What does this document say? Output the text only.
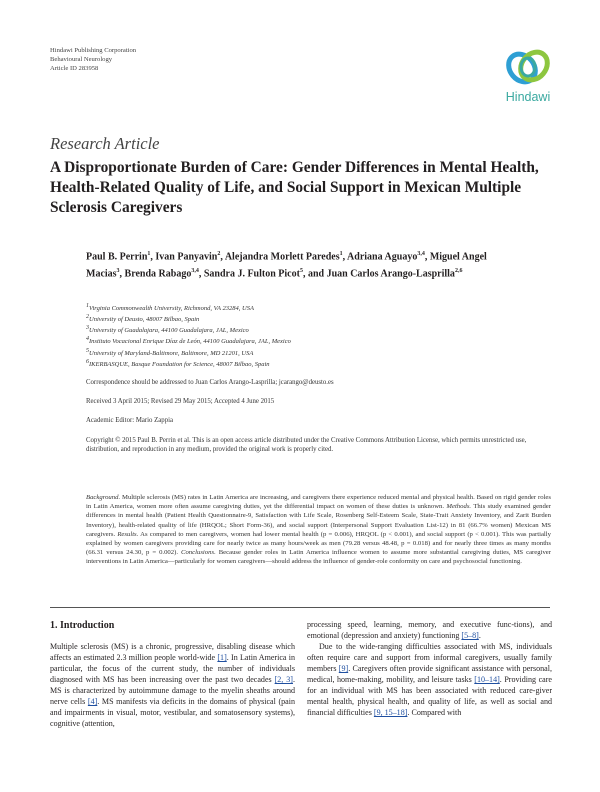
Hindawi Publishing Corporation
Behavioural Neurology
Article ID 283958
Hindawi
Research Article
A Disproportionate Burden of Care: Gender Differences in Mental Health, Health-Related Quality of Life, and Social Support in Mexican Multiple Sclerosis Caregivers
Paul B. Perrin$^1$, Ivan Panyavin$^2$, Alejandra Morlett Paredes$^1$, Adriana Aguayo$^{3,4}$, Miguel Angel Macias$^3$, Brenda Rabago$^{3,4}$, Sandra J. Fulton Picot$^5$, and Juan Carlos Arango-Lasprilla$^{2,6}$
$^1$Virginia Commonwealth University, Richmond, VA 23284, USA
$^2$University of Deusto, 48007 Bilbao, Spain
$^3$University of Guadalajara, 44100 Guadalajara, JAL, Mexico
$^4$Instituto Vocacional Enrique Díaz de León, 44100 Guadalajara, JAL, Mexico
$^5$University of Maryland-Baltimore, Baltimore, MD 21201, USA
$^6$IKERBASQUE, Basque Foundation for Science, 48007 Bilbao, Spain
Correspondence should be addressed to Juan Carlos Arango-Lasprilla; jcarango@deusto.es
Received 3 April 2015; Revised 29 May 2015; Accepted 4 June 2015
Academic Editor: Mario Zappia
Copyright © 2015 Paul B. Perrin et al. This is an open access article distributed under the Creative Commons Attribution License, which permits unrestricted use, distribution, and reproduction in any medium, provided the original work is properly cited.
Background. Multiple sclerosis (MS) rates in Latin America are increasing, and caregivers there experience reduced mental and physical health. Based on rigid gender roles in Latin America, women more often assume caregiving duties, yet the differential impact on women of these duties is unknown. Methods. This study examined gender differences in mental health (Patient Health Questionnaire-9, Satisfaction with Life Scale, Rosenberg Self-Esteem Scale, State-Trait Anxiety Inventory, and Zarit Burden Inventory), health-related quality of life (HRQOL; Short Form-36), and social support (Interpersonal Support Evaluation List-12) in 81 (66.7% women) Mexican MS caregivers. Results. As compared to men caregivers, women had lower mental health (p = 0.006), HRQOL (p < 0.001), and social support (p < 0.001). This was partially explained by women caregivers providing care for nearly twice as many hours/week as men (79.28 versus 48.48, p = 0.018) and for nearly three times as many months (66.31 versus 24.30, p = 0.002). Conclusions. Because gender roles in Latin America influence women to assume more substantial caregiving duties, MS caregiver interventions in Latin America—particularly for women caregivers—should address the influence of gender-role conformity on care and psychosocial functioning.
1. Introduction

Multiple sclerosis (MS) is a chronic, progressive, disabling disease which affects an estimated 2.3 million people world-wide [1]. In Latin America in particular, the focus of the current study, the number of individuals diagnosed with MS has been increasing over the past two decades [2, 3]. MS is characterized by autoimmune damage to the myelin sheaths around nerve cells [4]. MS manifests via deficits in the domains of physical (pain and impairments in visual, motor, vestibular, and somatosensory systems), cognitive (attention,

processing speed, learning, memory, and executive func-tions), and emotional (depression and anxiety) functioning [5–8].

Due to the wide-ranging difficulties associated with MS, individuals often require care and support from informal caregivers, usually family members [9]. Caregivers often provide significant assistance with personal, medical, home-making, mobility, and leisure tasks [10–14]. Providing care for an individual with MS has been associated with reduced care-giver mental health, physical health, and quality of life, as well as social and financial difficulties [9, 15–18]. Compared with
